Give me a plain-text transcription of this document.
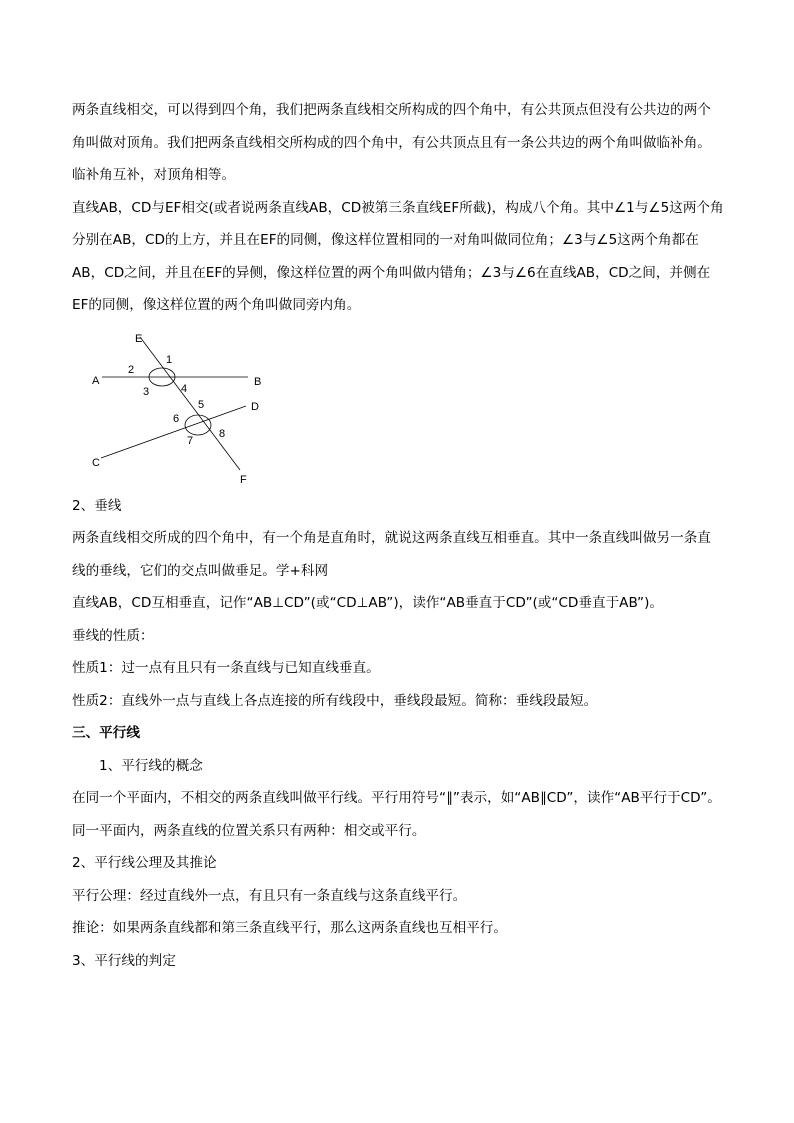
两条直线相交，可以得到四个角，我们把两条直线相交所构成的四个角中，有公共顶点但没有公共边的两个角叫做对顶角。我们把两条直线相交所构成的四个角中，有公共顶点且有一条公共边的两个角叫做临补角。

临补角互补，对顶角相等。

直线AB，CD与EF相交(或者说两条直线AB，CD被第三条直线EF所截)，构成八个角。其中∠1与∠5这两个角分别在AB，CD的上方，并且在EF的同侧，像这样位置相同的一对角叫做同位角；∠3与∠5这两个角都在AB，CD之间，并且在EF的异侧，像这样位置的两个角叫做内错角；∠3与∠6在直线AB，CD之间，并侧在EF的同侧，像这样位置的两个角叫做同旁内角。

E
A	B
D
C
F
1
2
3	4
5
6
7
8

2、垂线

两条直线相交所成的四个角中，有一个角是直角时，就说这两条直线互相垂直。其中一条直线叫做另一条直线的垂线，它们的交点叫做垂足。学+科网

直线AB，CD互相垂直，记作“AB⊥CD”(或“CD⊥AB”)，读作“AB垂直于CD”(或“CD垂直于AB”)。

垂线的性质：

性质1：过一点有且只有一条直线与已知直线垂直。

性质2：直线外一点与直线上各点连接的所有线段中，垂线段最短。简称：垂线段最短。

三、平行线

1、平行线的概念

在同一个平面内，不相交的两条直线叫做平行线。平行用符号“∥”表示，如“AB∥CD”，读作“AB平行于CD”。

同一平面内，两条直线的位置关系只有两种：相交或平行。

2、平行线公理及其推论

平行公理：经过直线外一点，有且只有一条直线与这条直线平行。

推论：如果两条直线都和第三条直线平行，那么这两条直线也互相平行。

3、平行线的判定
